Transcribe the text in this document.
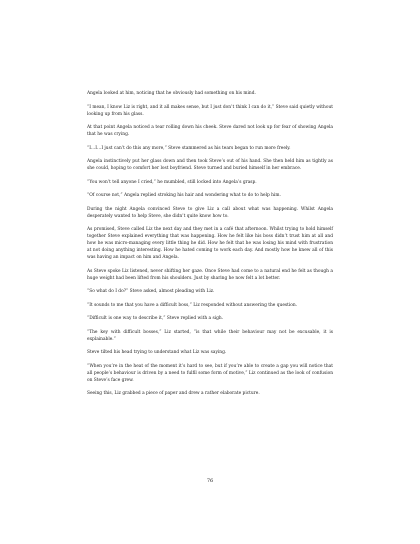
Angela looked at him, noticing that he obviously had something on his mind.

“I mean, I know Liz is right, and it all makes sense, but I just don’t think I can do it,” Steve said quietly without looking up from his glass.

At that point Angela noticed a tear rolling down his cheek. Steve dared not look up for fear of showing Angela that he was crying.

“I…I…I just can’t do this any more,” Steve stammered as his tears began to run more freely.

Angela instinctively put her glass down and then took Steve’s out of his hand. She then held him as tightly as she could, hoping to comfort her lost boyfriend. Steve turned and buried himself in her embrace.

“You won’t tell anyone I cried,” he mumbled, still locked into Angela’s grasp.

“Of course not,” Angela replied stroking his hair and wondering what to do to help him.

During the night Angela convinced Steve to give Liz a call about what was happening. Whilst Angela desperately wanted to help Steve, she didn’t quite know how to.

As promised, Steve called Liz the next day and they met in a café that afternoon. Whilst trying to hold himself together Steve explained everything that was happening. How he felt like his boss didn’t trust him at all and how he was micro-managing every little thing he did. How he felt that he was losing his mind with frustration at not doing anything interesting. How he hated coming to work each day. And mostly how he knew all of this was having an impact on him and Angela.

As Steve spoke Liz listened, never shifting her gaze. Once Steve had come to a natural end he felt as though a huge weight had been lifted from his shoulders. Just by sharing he now felt a lot better.

“So what do I do?” Steve asked, almost pleading with Liz.

“It sounds to me that you have a difficult boss,” Liz responded without answering the question.

“Difficult is one way to describe it,” Steve replied with a sigh.

“The key with difficult bosses,” Liz started, “is that while their behaviour may not be excusable, it is explainable.”

Steve tilted his head trying to understand what Liz was saying.

“When you’re in the heat of the moment it’s hard to see, but if you’re able to create a gap you will notice that all people’s behaviour is driven by a need to fulfil some form of motive,” Liz continued as the look of confusion on Steve’s face grew.

Seeing this, Liz grabbed a piece of paper and drew a rather elaborate picture.

76
